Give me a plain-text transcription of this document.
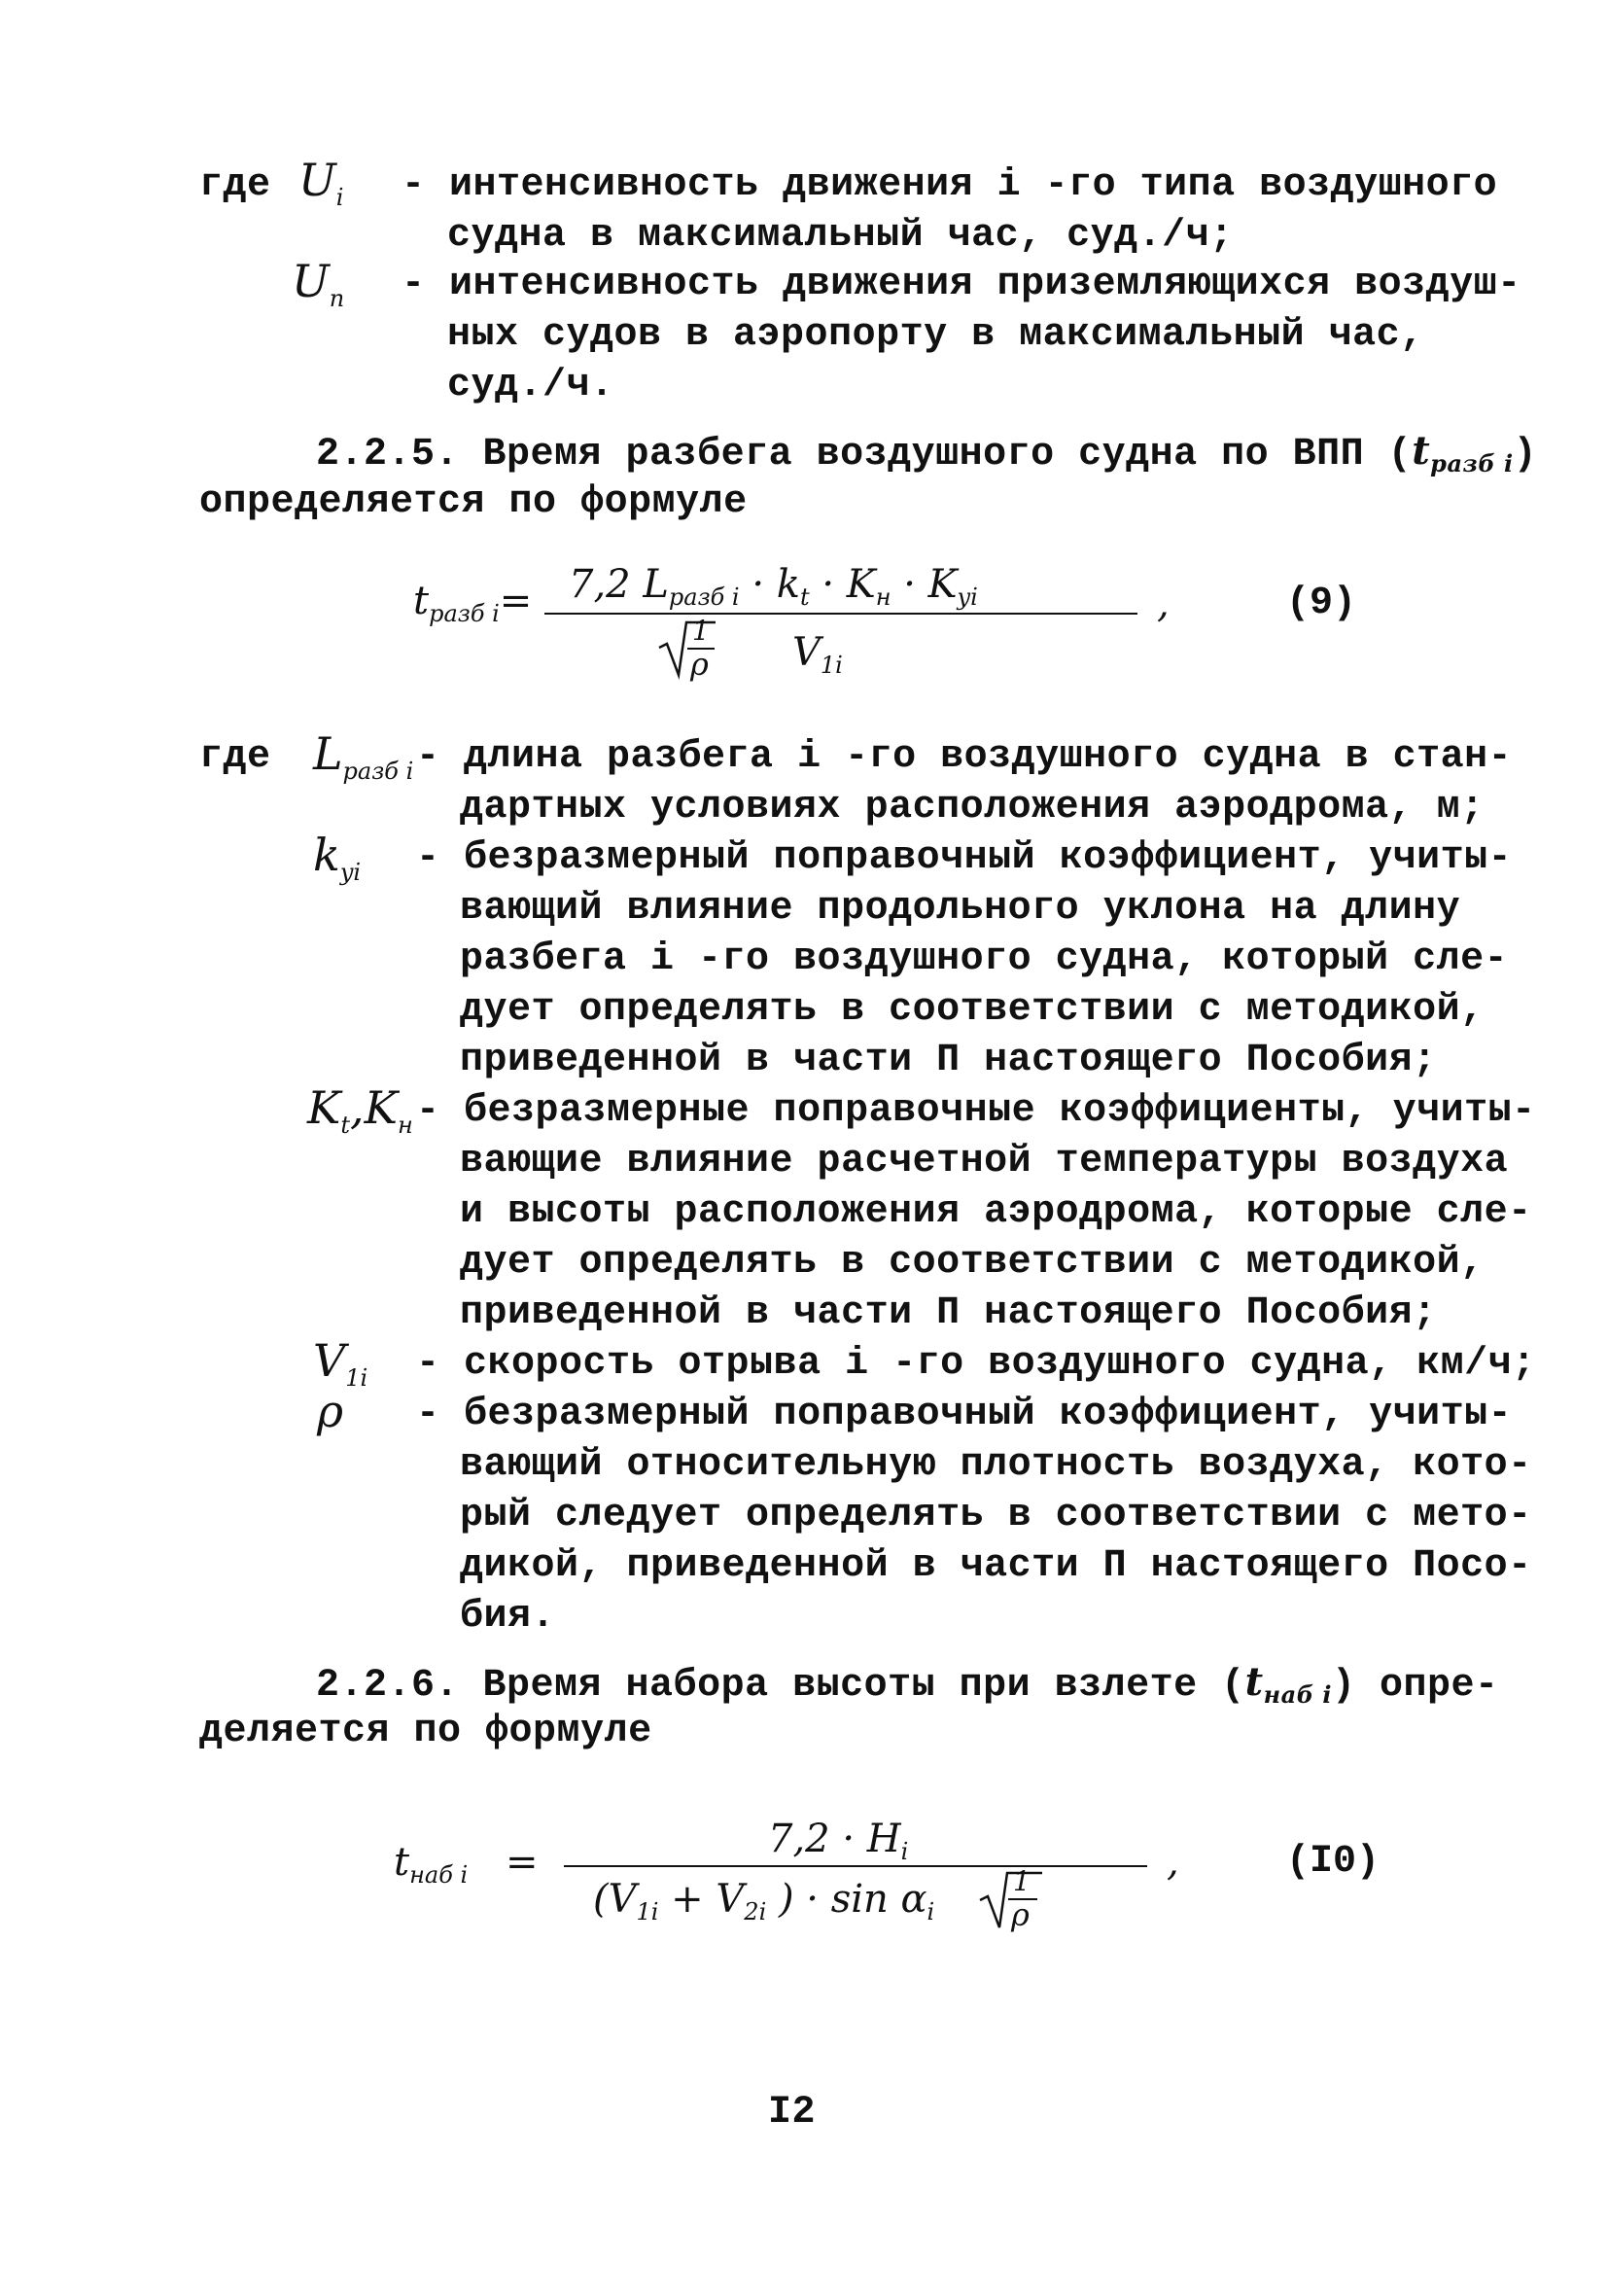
где $U_i$ - интенсивность движения i -го типа воздушного
судна в максимальный час, суд./ч;
$U_n$ - интенсивность движения приземляющихся воздуш-
ных судов в аэропорту в максимальный час,
суд./ч.
2.2.5. Время разбега воздушного судна по ВПП $(t_{разб i})$
определяется по формуле
$t_{разб i}= 7,2$ $L_{разб i} \cdot k_t \cdot K_н \cdot K_{yi}$
1
ρ $V_{1i}$
,	(9)
где $L_{разб i}$ - длина разбега i -го воздушного судна в стан-
дартных условиях расположения аэродрома, м;
$k_{yi}$ - безразмерный поправочный коэффициент, учиты-
вающий влияние продольного уклона на длину
разбега i -го воздушного судна, который сле-
дует определять в соответствии с методикой,
приведенной в части П настоящего Пособия;
$K_t,K_н$ - безразмерные поправочные коэффициенты, учиты-
вающие влияние расчетной температуры воздуха
и высоты расположения аэродрома, которые сле-
дует определять в соответствии с методикой,
приведенной в части П настоящего Пособия;
$V_{1i}$ - скорость отрыва i -го воздушного судна, км/ч;
ρ - безразмерный поправочный коэффициент, учиты-
вающий относительную плотность воздуха, кото-
рый следует определять в соответствии с мето-
дикой, приведенной в части П настоящего Посо-
бия.
2.2.6. Время набора высоты при взлете $(t_{наб i})$ опре-
деляется по формуле
$t_{наб i}$ =
$7,2 \cdot H_i$
($V_{1i} + V_{2i}$ ) · $\sin \alpha_i$
1
ρ
,	(I0)
I2
